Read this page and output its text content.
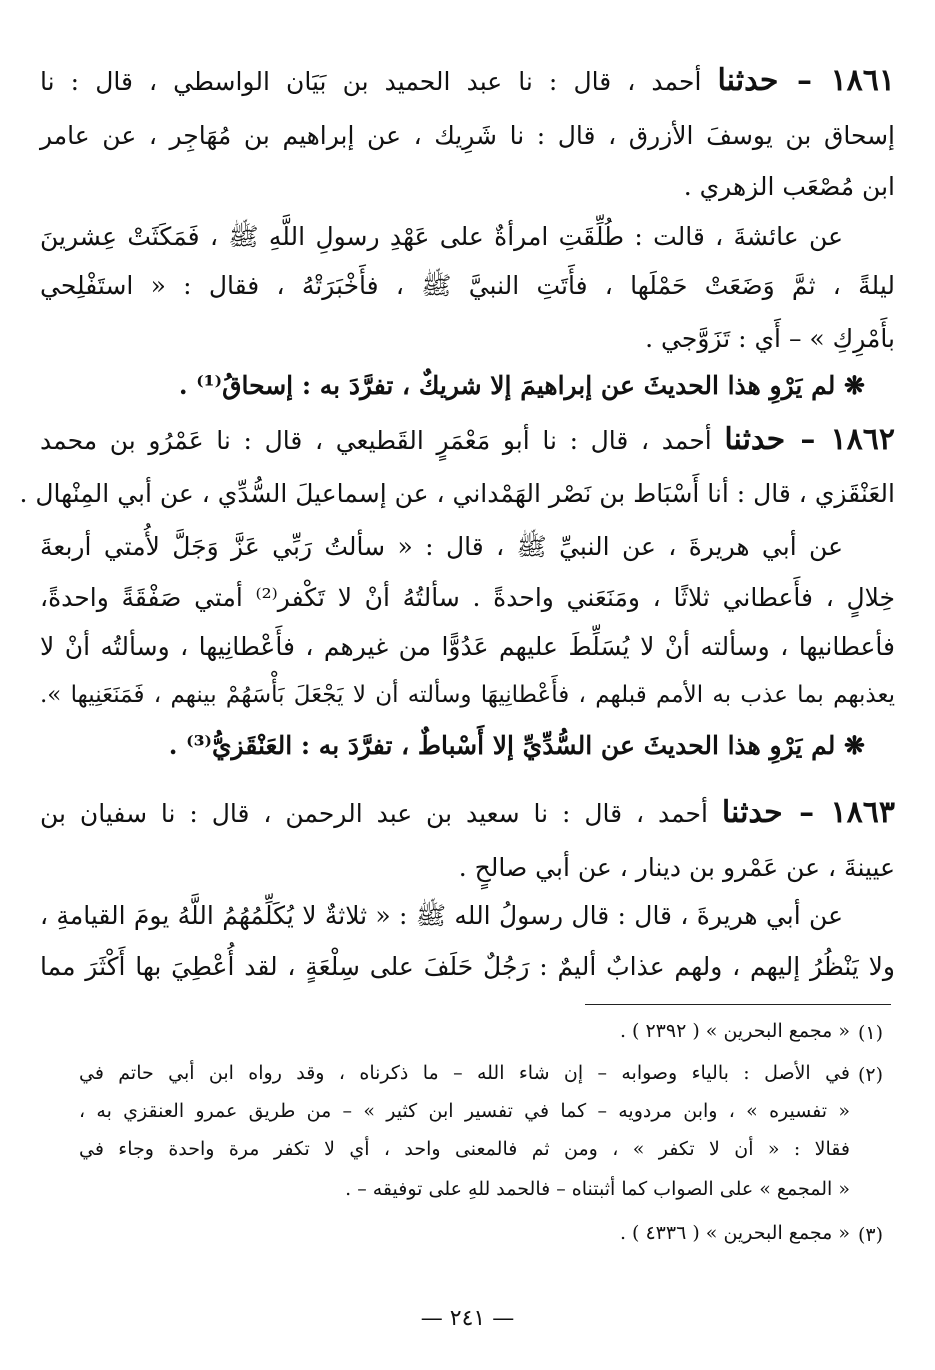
١٨٦١ – حدثنا أحمد ، قال : نا عبد الحميد بن بَيَان الواسطي ، قال : نا
إسحاق بن يوسفَ الأزرق ، قال : نا شَرِيك ، عن إبراهيم بن مُهَاجِر ، عن عامر
ابن مُصْعَب الزهري .
عن عائشةَ ، قالت : طُلِّقَتِ امرأةٌ على عَهْدِ رسولِ اللَّهِ ﷺ ، فَمَكَثَتْ عِشرينَ
ليلةً ، ثمَّ وَضَعَتْ حَمْلَها ، فأَتَتِ النبيَّ ﷺ ، فأَخْبَرَتْهُ ، فقال : « استَفْلِحي
بأَمْرِكِ » – أَي : تَزَوَّجي .
❋ لم يَرْوِ هذا الحديثَ عن إبراهيمَ إلا شريكٌ ، تفرَّدَ به : إسحاقُ⁽¹⁾ .
١٨٦٢ – حدثنا أحمد ، قال : نا أبو مَعْمَرٍ القَطيعي ، قال : نا عَمْرُو بن محمد
العَنْقَزي ، قال : أنا أَسْبَاط بن نَصْر الهَمْداني ، عن إسماعيلَ السُّدِّي ، عن أبي المِنْهال .
عن أبي هريرةَ ، عن النبيِّ ﷺ ، قال : « سألتُ رَبِّي عَزَّ وَجَلَّ لأُمتي أربعةَ
خِلالٍ ، فأَعطاني ثلاثًا ، ومَنَعَني واحدةً . سألتُهُ أنْ لا تَكْفر⁽²⁾ أمتي صَفْقَةً واحدةً،
فأعطانيها ، وسألته أنْ لا يُسَلِّطَ عليهم عَدُوًّا من غيرهم ، فأَعْطانِيها ، وسألتُه أنْ لا
يعذبهم بما عذب به الأمم قبلهم ، فأَعْطانِيهَا وسألته أن لا يَجْعَلَ بَأْسَهُمْ بينهم ، فَمَنَعَنِيها ».
❋ لم يَرْوِ هذا الحديثَ عن السُّدِّيِّ إلا أَسْباطٌ ، تفرَّدَ به : العَنْقَزيُّ⁽³⁾ .
١٨٦٣ – حدثنا أحمد ، قال : نا سعيد بن عبد الرحمن ، قال : نا سفيان بن
عيينةَ ، عن عَمْرو بن دينار ، عن أبي صالحٍ .
عن أبي هريرةَ ، قال : قال رسولُ الله ﷺ : « ثلاثةٌ لا يُكَلِّمُهُمُ اللَّهُ يومَ القيامةِ ،
ولا يَنْظُرُ إليهم ، ولهم عذابٌ أليمٌ : رَجُلٌ حَلَفَ على سِلْعَةٍ ، لقد أُعْطِيَ بها أَكْثَرَ مما
(١)
« مجمع البحرين » ( ٢٣٩٢ ) .
(٢)
في الأصل : بالياء وصوابه – إن شاء الله – ما ذكرناه ، وقد رواه ابن أبي حاتم في
« تفسيره » ، وابن مردويه – كما في تفسير ابن كثير » – من طريق عمرو العنقزي به ،
فقالا : « أن لا تكفر » ، ومن ثم فالمعنى واحد ، أي لا تكفر مرة واحدة وجاء في
« المجمع » على الصواب كما أثبتناه – فالحمد للهِ على توفيقه – .
(٣)
« مجمع البحرين » ( ٤٣٣٦ ) .
— ٢٤١ —
